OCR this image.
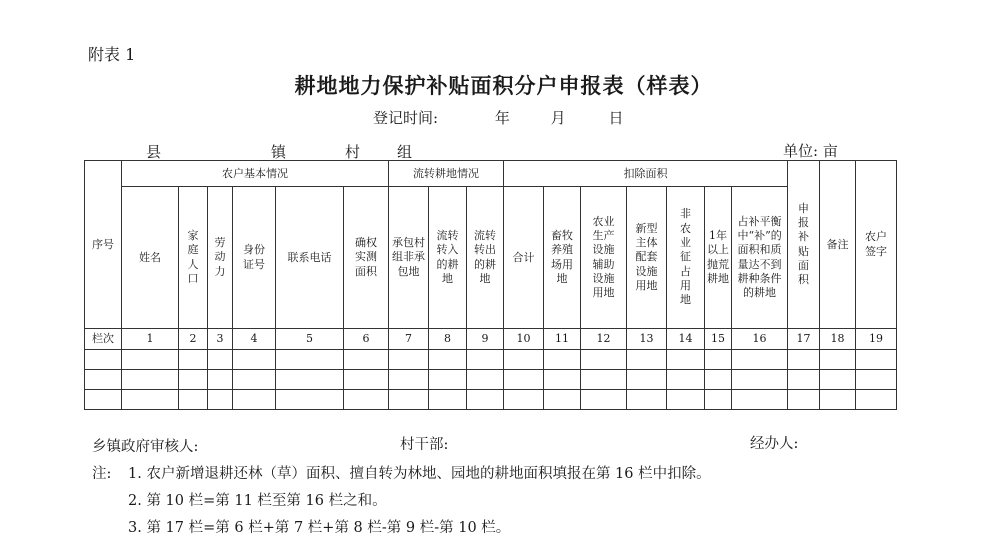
附表 1
耕地地力保护补贴面积分户申报表（样表）
登记时间:	年	月	日
县	镇	村 组	单位: 亩
序号	农户基本情况						流转耕地情况			扣除面积							申报补贴面积	备注	农户签字
	姓名	家庭人口	劳动力	身份证号	联系电话	确权实测面积	承包村组非承包地	流转转入的耕地	流转转出的耕地	合计	畜牧养殖场用地	农业生产设施辅助设施用地	新型主体配套设施用地	非农业征占用地	1年以上抛荒耕地	占补平衡中“补”的面积和质量达不到耕种条件的耕地			
栏次	1	2	3	4	5	6	7	8	9	10	11	12	13	14	15	16	17	18	19

乡镇政府审核人:	村干部:	经办人:
注: 1. 农户新增退耕还林（草）面积、擅自转为林地、园地的耕地面积填报在第 16 栏中扣除。
2. 第 10 栏=第 11 栏至第 16 栏之和。
3. 第 17 栏=第 6 栏+第 7 栏+第 8 栏-第 9 栏-第 10 栏。
